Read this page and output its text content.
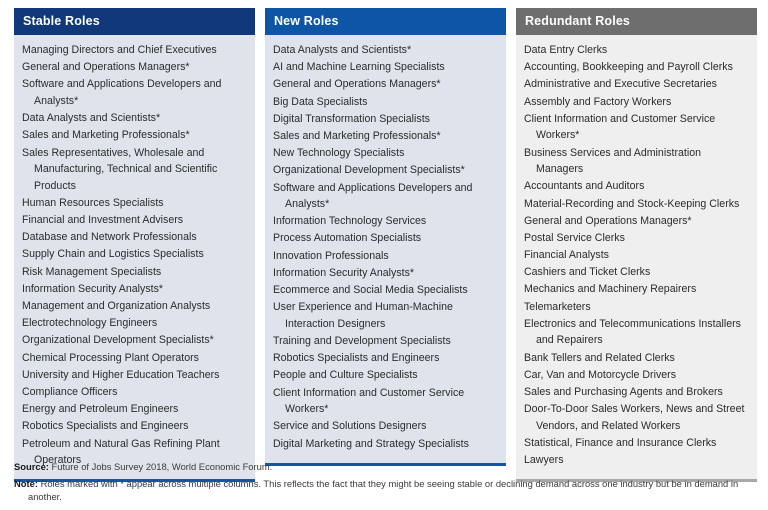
Stable Roles
Managing Directors and Chief Executives
General and Operations Managers*
Software and Applications Developers and Analysts*
Data Analysts and Scientists*
Sales and Marketing Professionals*
Sales Representatives, Wholesale and Manufacturing, Technical and Scientific Products
Human Resources Specialists
Financial and Investment Advisers
Database and Network Professionals
Supply Chain and Logistics Specialists
Risk Management Specialists
Information Security Analysts*
Management and Organization Analysts
Electrotechnology Engineers
Organizational Development Specialists*
Chemical Processing Plant Operators
University and Higher Education Teachers
Compliance Officers
Energy and Petroleum Engineers
Robotics Specialists and Engineers
Petroleum and Natural Gas Refining Plant Operators
New Roles
Data Analysts and Scientists*
AI and Machine Learning Specialists
General and Operations Managers*
Big Data Specialists
Digital Transformation Specialists
Sales and Marketing Professionals*
New Technology Specialists
Organizational Development Specialists*
Software and Applications Developers and Analysts*
Information Technology Services
Process Automation Specialists
Innovation Professionals
Information Security Analysts*
Ecommerce and Social Media Specialists
User Experience and Human-Machine Interaction Designers
Training and Development Specialists
Robotics Specialists and Engineers
People and Culture Specialists
Client Information and Customer Service Workers*
Service and Solutions Designers
Digital Marketing and Strategy Specialists
Redundant Roles
Data Entry Clerks
Accounting, Bookkeeping and Payroll Clerks
Administrative and Executive Secretaries
Assembly and Factory Workers
Client Information and Customer Service Workers*
Business Services and Administration Managers
Accountants and Auditors
Material-Recording and Stock-Keeping Clerks
General and Operations Managers*
Postal Service Clerks
Financial Analysts
Cashiers and Ticket Clerks
Mechanics and Machinery Repairers
Telemarketers
Electronics and Telecommunications Installers and Repairers
Bank Tellers and Related Clerks
Car, Van and Motorcycle Drivers
Sales and Purchasing Agents and Brokers
Door-To-Door Sales Workers, News and Street Vendors, and Related Workers
Statistical, Finance and Insurance Clerks
Lawyers
Source: Future of Jobs Survey 2018, World Economic Forum.
Note: Roles marked with * appear across multiple columns. This reflects the fact that they might be seeing stable or declining demand across one industry but be in demand in another.
